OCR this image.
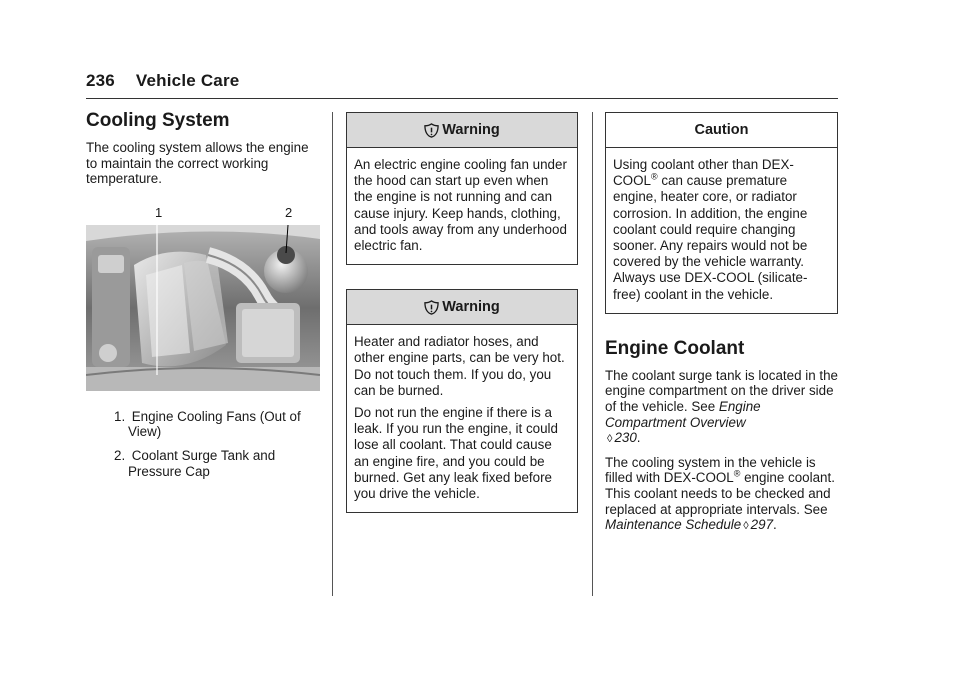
236 Vehicle Care
Cooling System

The cooling system allows the engine to maintain the correct working temperature.

1	2
1. Engine Cooling Fans (Out of View)
2. Coolant Surge Tank and Pressure Cap
Warning

An electric engine cooling fan under the hood can start up even when the engine is not running and can cause injury. Keep hands, clothing, and tools away from any underhood electric fan.

Warning

Heater and radiator hoses, and other engine parts, can be very hot. Do not touch them. If you do, you can be burned.

Do not run the engine if there is a leak. If you run the engine, it could lose all coolant. That could cause an engine fire, and you could be burned. Get any leak fixed before you drive the vehicle.

Caution

Using coolant other than DEX-COOL® can cause premature engine, heater core, or radiator corrosion. In addition, the engine coolant could require changing sooner. Any repairs would not be covered by the vehicle warranty. Always use DEX-COOL (silicate-free) coolant in the vehicle.

Engine Coolant

The coolant surge tank is located in the engine compartment on the driver side of the vehicle. See Engine Compartment Overview
◊ 230.

The cooling system in the vehicle is filled with DEX-COOL® engine coolant. This coolant needs to be checked and replaced at appropriate intervals. See Maintenance Schedule ◊ 297.
